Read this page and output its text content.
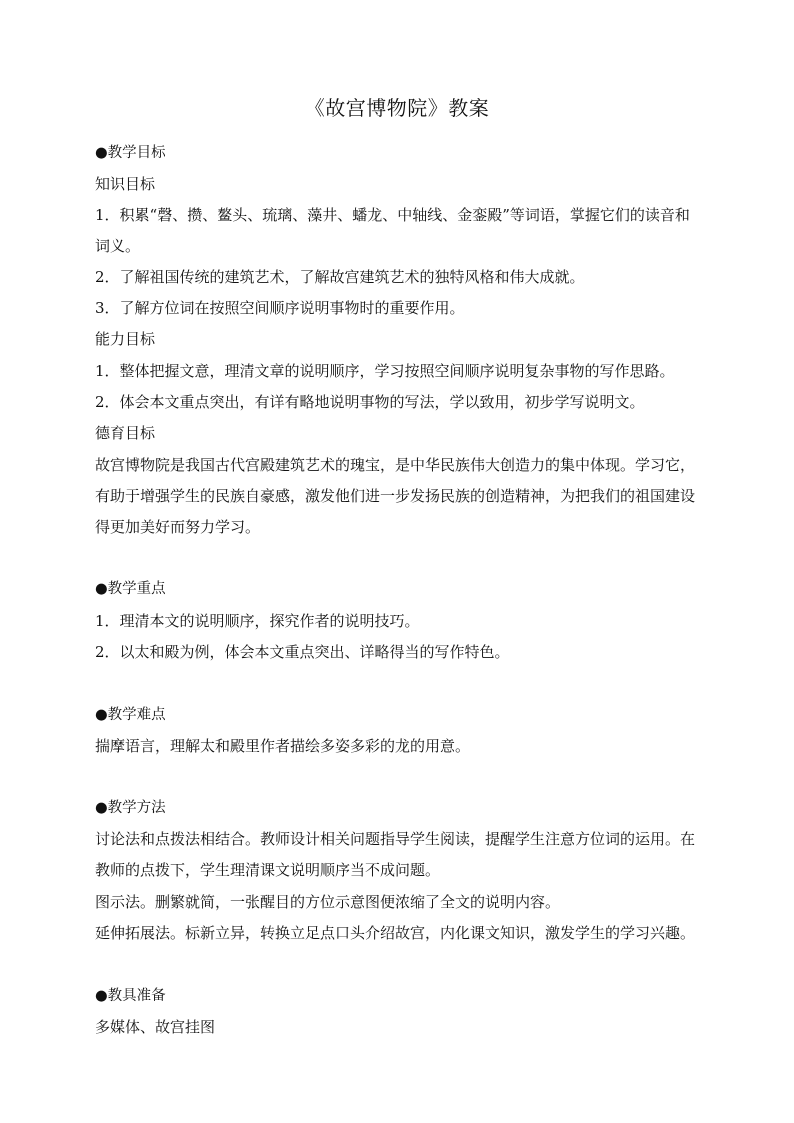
《故宫博物院》教案
●教学目标
知识目标
1．积累“磬、攒、鳌头、琉璃、藻井、蟠龙、中轴线、金銮殿”等词语，掌握它们的读音和
词义。
2．了解祖国传统的建筑艺术，了解故宫建筑艺术的独特风格和伟大成就。
3．了解方位词在按照空间顺序说明事物时的重要作用。
能力目标
1．整体把握文意，理清文章的说明顺序，学习按照空间顺序说明复杂事物的写作思路。
2．体会本文重点突出，有详有略地说明事物的写法，学以致用，初步学写说明文。
德育目标
故宫博物院是我国古代宫殿建筑艺术的瑰宝，是中华民族伟大创造力的集中体现。学习它，
有助于增强学生的民族自豪感，激发他们进一步发扬民族的创造精神，为把我们的祖国建设
得更加美好而努力学习。
●教学重点
1．理清本文的说明顺序，探究作者的说明技巧。
2．以太和殿为例，体会本文重点突出、详略得当的写作特色。
●教学难点
揣摩语言，理解太和殿里作者描绘多姿多彩的龙的用意。
●教学方法
讨论法和点拨法相结合。教师设计相关问题指导学生阅读，提醒学生注意方位词的运用。在
教师的点拨下，学生理清课文说明顺序当不成问题。
图示法。删繁就简，一张醒目的方位示意图便浓缩了全文的说明内容。
延伸拓展法。标新立异，转换立足点口头介绍故宫，内化课文知识，激发学生的学习兴趣。
●教具准备
多媒体、故宫挂图
